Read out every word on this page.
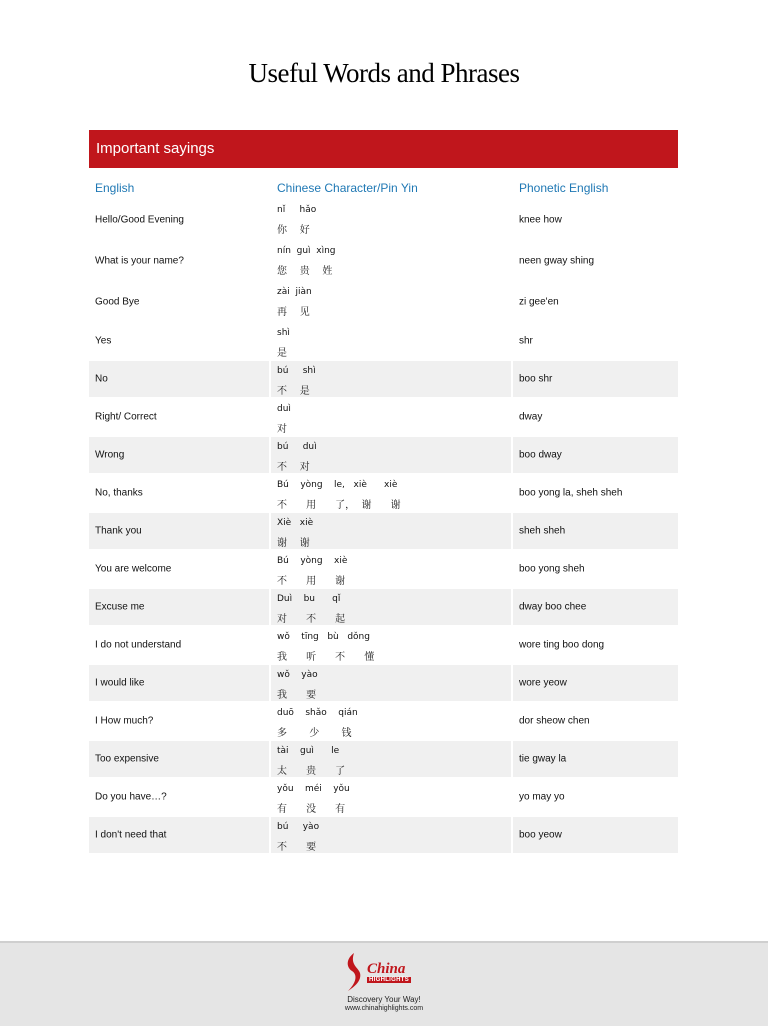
Useful Words and Phrases
Important sayings
English	Chinese Character/Pin Yin	Phonetic English
Hello/Good Evening
nǐ     hǎo
你    好
knee how
What is your name?
nín  guì  xìng
您    贵    姓
neen gway shing
Good Bye
zài  jiàn
再    见
zi gee'en
Yes
shì
是
shr
No
bú     shì
不    是
boo shr
Right/ Correct
duì
对
dway
Wrong
bú     duì
不    对
boo dway
No, thanks
Bú    yòng    le,   xiè      xiè
不      用      了，  谢      谢
boo yong la, sheh sheh
Thank you
Xiè   xiè
谢    谢
sheh sheh
You are welcome
Bú    yòng    xiè
不      用      谢
boo yong sheh
Excuse me
Duì    bu      qǐ
对      不      起
dway boo chee
I do not understand
wǒ    tīng   bù   dǒng
我      听      不      懂
wore ting boo dong
I would like
wǒ    yào
我      要
wore yeow
I How much?
duō    shǎo    qián
多       少       钱
dor sheow chen
Too expensive
tài    guì      le
太      贵      了
tie gway la
Do you have…?
yǒu    méi    yǒu
有      没      有
yo may yo
I don't need that
bú     yào
不      要
boo yeow
China
HIGHLIGHTS
Discovery Your Way!
www.chinahighlights.com
